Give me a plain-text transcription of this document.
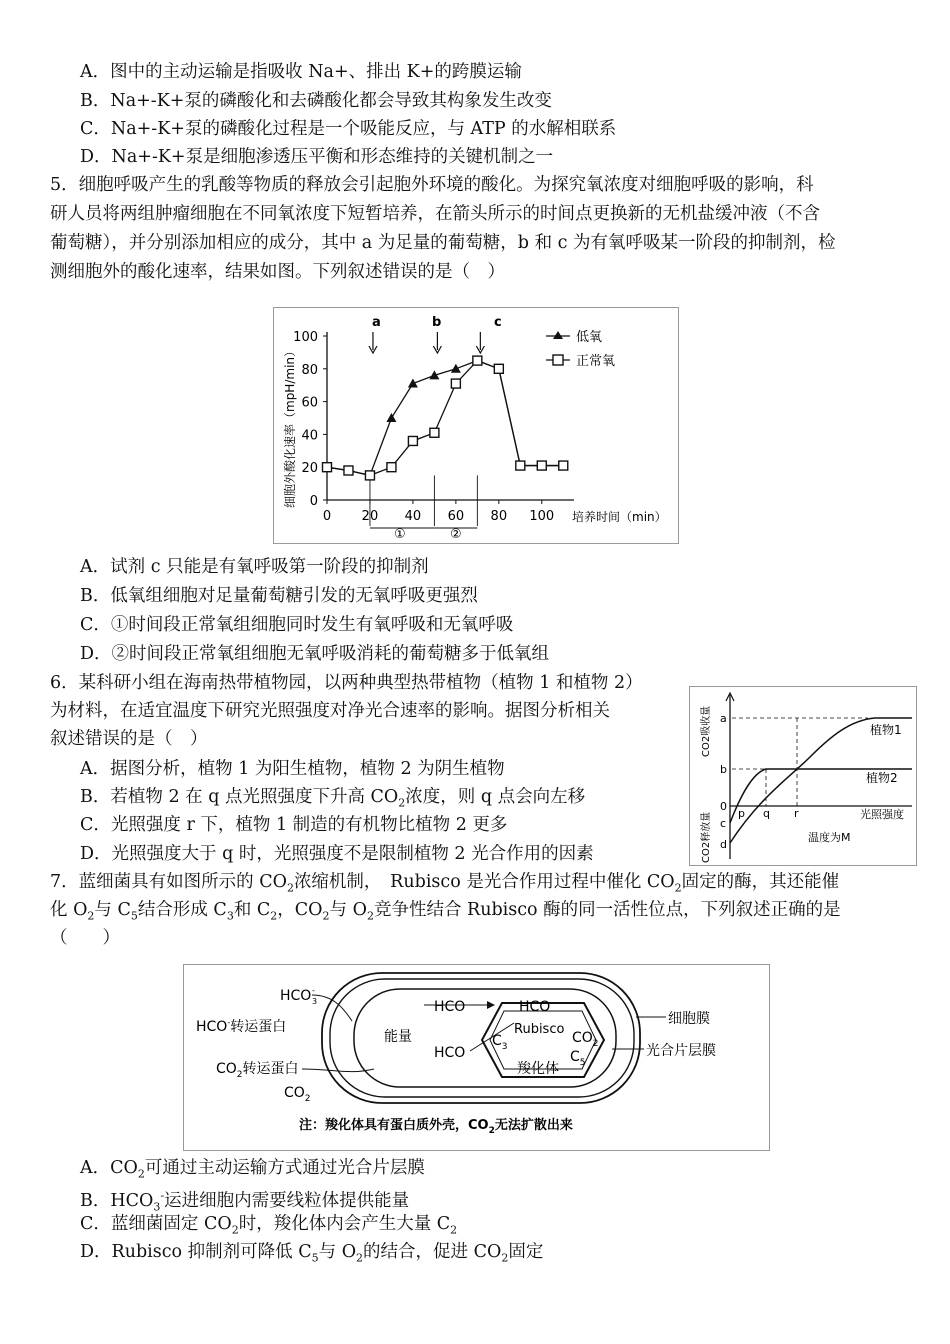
A．图中的主动运输是指吸收 Na+、排出 K+的跨膜运输
B．Na+-K+泵的磷酸化和去磷酸化都会导致其构象发生改变
C．Na+-K+泵的磷酸化过程是一个吸能反应，与 ATP 的水解相联系
D．Na+-K+泵是细胞渗透压平衡和形态维持的关键机制之一
5．细胞呼吸产生的乳酸等物质的释放会引起胞外环境的酸化。为探究氧浓度对细胞呼吸的影响，科
研人员将两组肿瘤细胞在不同氧浓度下短暂培养，在箭头所示的时间点更换新的无机盐缓冲液（不含
葡萄糖），并分别添加相应的成分，其中 a 为足量的葡萄糖，b 和 c 为有氧呼吸某一阶段的抑制剂，检
测细胞外的酸化速率，结果如图。下列叙述错误的是（　）
细胞外酸化速率（mpH/min）
培养时间（min）
0
20
40
60
80
100
0 20 40 60 80 100
a	b	c
①	②
低氧
正常氧
A．试剂 c 只能是有氧呼吸第一阶段的抑制剂
B．低氧组细胞对足量葡萄糖引发的无氧呼吸更强烈
C．①时间段正常氧组细胞同时发生有氧呼吸和无氧呼吸
D．②时间段正常氧组细胞无氧呼吸消耗的葡萄糖多于低氧组
6．某科研小组在海南热带植物园，以两种典型热带植物（植物 1 和植物 2）
为材料，在适宜温度下研究光照强度对净光合速率的影响。据图分析相关
叙述错误的是（　）
A．据图分析，植物 1 为阳生植物，植物 2 为阴生植物
B．若植物 2 在 q 点光照强度下升高 $CO_2$浓度，则 q 点会向左移
C．光照强度 r 下，植物 1 制造的有机物比植物 2 更多
D．光照强度大于 q 时，光照强度不是限制植物 2 光合作用的因素
CO2吸收量
CO2释放量
a
b
0
c
d
植物1
植物2
p q r	光照强度
温度为M
7．蓝细菌具有如图所示的 $CO_2$浓缩机制，　Rubisco 是光合作用过程中催化 $CO_2$固定的酶，其还能催
化 $O_2$与 $C_5$结合形成 $C_3$和 $C_2$，$CO_2$与 $O_2$竞争性结合 Rubisco 酶的同一活性位点，下列叙述正确的是
（　　）
HCO -
3
HCO-转运蛋白
$CO_2$转运蛋白
$CO_2$
能量
HCO
HCO
HCO
Rubisco
$C_3$
$CO_2$
$C_5$
羧化体
细胞膜
光合片层膜
注：羧化体具有蛋白质外壳，$CO_2$无法扩散出来
A．$CO_2$可通过主动运输方式通过光合片层膜
B．$HCO_3^-$运进细胞内需要线粒体提供能量
C．蓝细菌固定 $CO_2$时，羧化体内会产生大量 $C_2$
D．Rubisco 抑制剂可降低 $C_5$与 $O_2$的结合，促进 $CO_2$固定
